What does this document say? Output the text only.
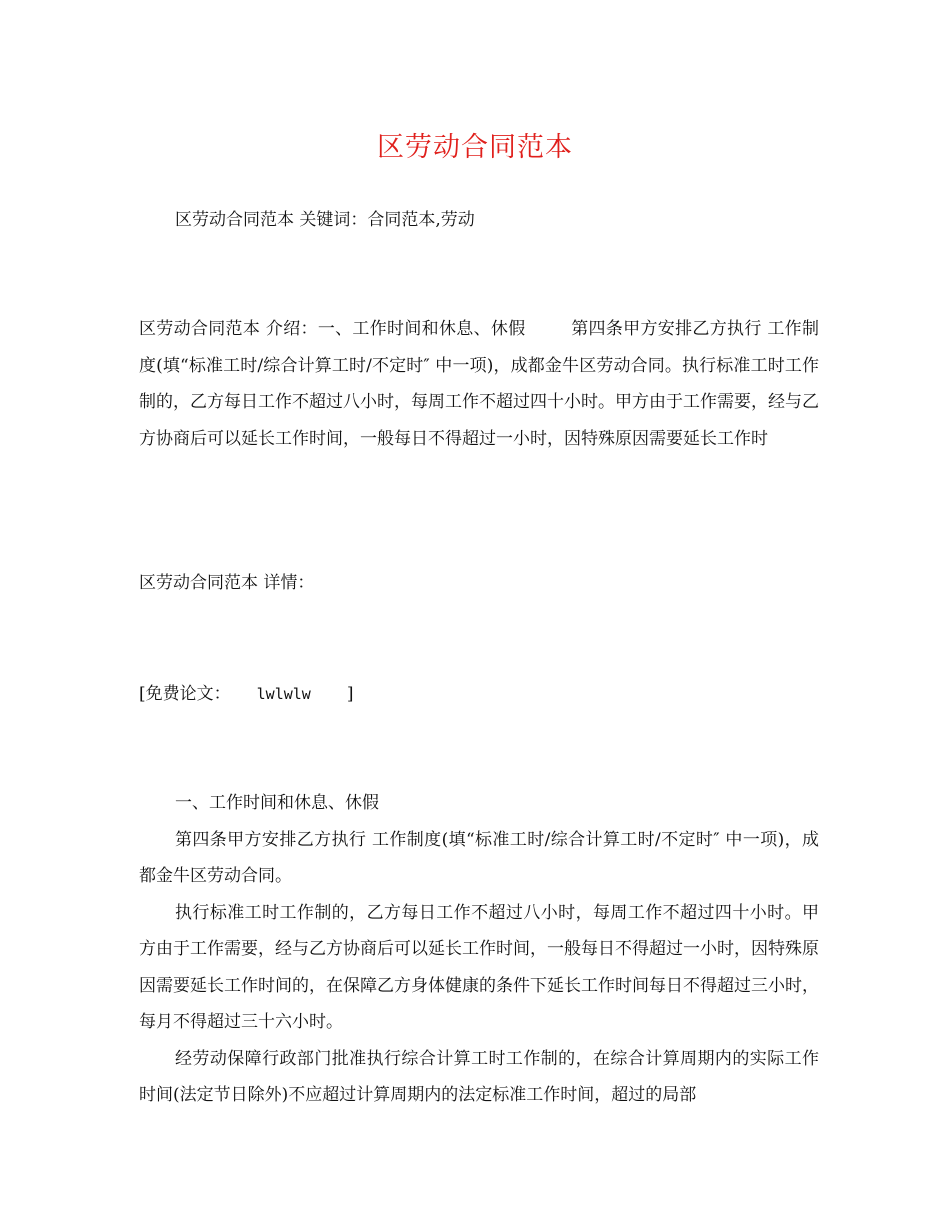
区劳动合同范本
区劳动合同范本 关键词：合同范本,劳动
区劳动合同范本 介绍：一、工作时间和休息、休假        第四条甲方安排乙方执行 工作制度(填“标准工时/综合计算工时/不定时″ 中一项)，成都金牛区劳动合同。执行标准工时工作制的，乙方每日工作不超过八小时，每周工作不超过四十小时。甲方由于工作需要，经与乙方协商后可以延长工作时间，一般每日不得超过一小时，因特殊原因需要延长工作时
区劳动合同范本 详情：
[免费论文： lwlwlw ]

一、工作时间和休息、休假

第四条甲方安排乙方执行 工作制度(填“标准工时/综合计算工时/不定时″ 中一项)，成都金牛区劳动合同。

执行标准工时工作制的，乙方每日工作不超过八小时，每周工作不超过四十小时。甲方由于工作需要，经与乙方协商后可以延长工作时间，一般每日不得超过一小时，因特殊原因需要延长工作时间的，在保障乙方身体健康的条件下延长工作时间每日不得超过三小时，每月不得超过三十六小时。

经劳动保障行政部门批准执行综合计算工时工作制的，在综合计算周期内的实际工作时间(法定节日除外)不应超过计算周期内的法定标准工作时间，超过的局部
